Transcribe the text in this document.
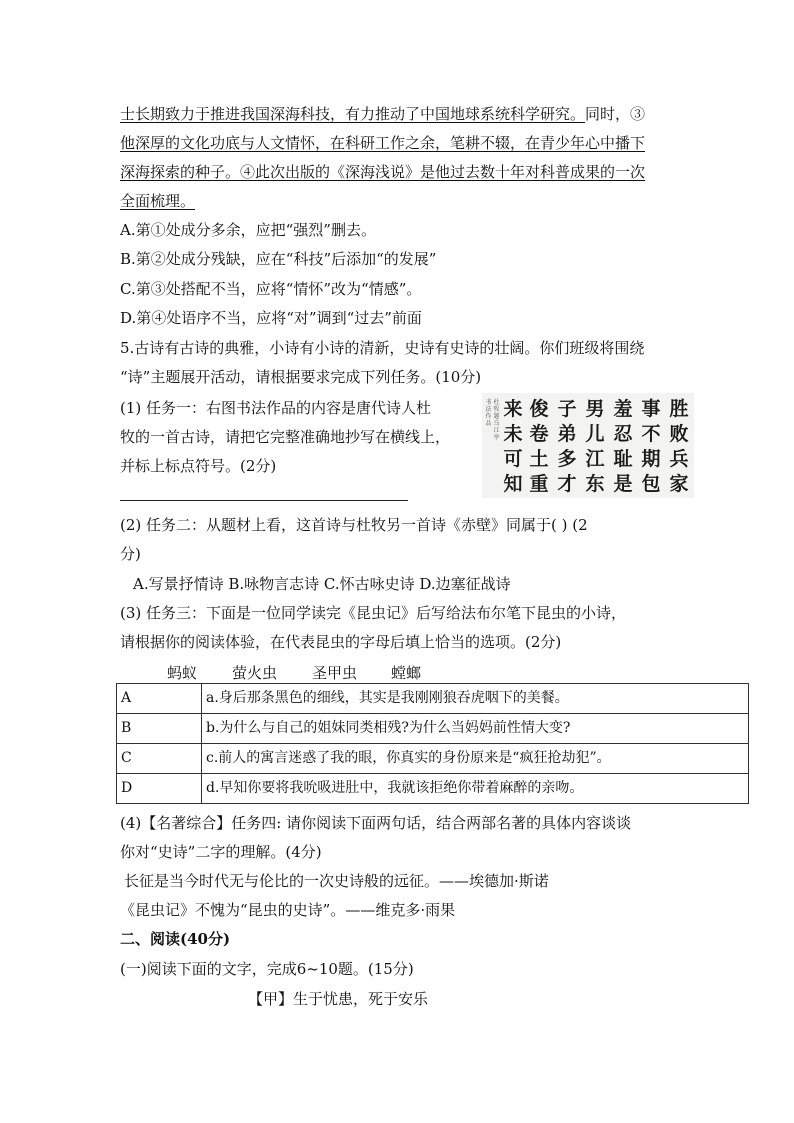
士长期致力于推进我国深海科技，有力推动了中国地球系统科学研究。同时，③
他深厚的文化功底与人文情怀，在科研工作之余，笔耕不辍，在青少年心中播下
深海探索的种子。④此次出版的《深海浅说》是他过去数十年对科普成果的一次
全面梳理。
A.第①处成分多余，应把“强烈”删去。
B.第②处成分残缺，应在“科技”后添加“的发展”
C.第③处搭配不当，应将“情怀”改为“情感”。
D.第④处语序不当，应将“对”调到“过去”前面
5.古诗有古诗的典雅，小诗有小诗的清新，史诗有史诗的壮阔。你们班级将围绕
“诗”主题展开活动，请根据要求完成下列任务。(10分)
(1) 任务一：右图书法作品的内容是唐代诗人杜
牧的一首古诗，请把它完整准确地抄写在横线上，
并标上标点符号。(2分)
胜败兵家
事不期包
羞忍耻是
男儿江东
子弟多才
俊卷土重
来未可知
杜牧题乌江亭
书法作品
(2) 任务二：从题材上看，这首诗与杜牧另一首诗《赤壁》同属于( ) (2
分)
A.写景抒情诗 B.咏物言志诗 C.怀古咏史诗 D.边塞征战诗
(3) 任务三：下面是一位同学读完《昆虫记》后写给法布尔笔下昆虫的小诗，
请根据你的阅读体验，在代表昆虫的字母后填上恰当的选项。(2分)
蚂蚁 萤火虫 圣甲虫 螳螂
A	a.身后那条黑色的细线，其实是我刚刚狼吞虎咽下的美餐。
B	b.为什么与自己的姐妹同类相残?为什么当妈妈前性情大变?
C	c.前人的寓言迷惑了我的眼，你真实的身份原来是“疯狂抢劫犯”。
D	d.早知你要将我吮吸进肚中，我就该拒绝你带着麻醉的亲吻。
(4)【名著综合】任务四: 请你阅读下面两句话，结合两部名著的具体内容谈谈
你对“史诗”二字的理解。(4分)
长征是当今时代无与伦比的一次史诗般的远征。——埃德加·斯诺
《昆虫记》不愧为“昆虫的史诗”。——维克多·雨果
二、阅读(40分)
(一)阅读下面的文字，完成6~10题。(15分)
【甲】生于忧患，死于安乐
